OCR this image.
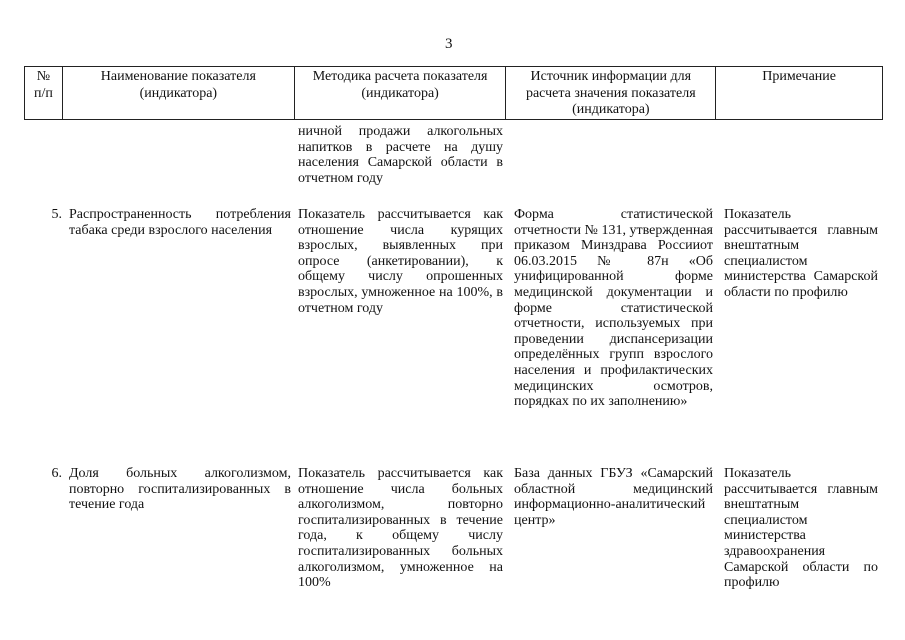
3
№
п/п
Наименование показателя
(индикатора)
Методика расчета показателя
(индикатора)
Источник информации для
расчета значения показателя
(индикатора)
Примечание
ничной продажи алкогольных напитков в расчете на душу населения Самарской области в отчетном году
5. Распространенность потребления табака среди взрослого населения
Показатель рассчитывается как отношение числа курящих взрослых, выявленных при опросе (анкетировании), к общему числу опрошенных взрослых, умноженное на 100%, в отчетном году
Форма статистической отчетности № 131, утвержденная приказом Минздрава Россииот 06.03.2015 № 87н «Об унифицированной форме медицинской документации и форме статистической отчетности, используемых при проведении диспансеризации определённых групп взрослого населения и профилактических медицинских осмотров, порядках по их заполнению»
Показатель рассчитывается главным внештатным специалистом министерства Самарской области по профилю
6. Доля больных алкоголизмом, повторно госпитализированных в течение года
Показатель рассчитывается как отношение числа больных алкоголизмом, повторно госпитализированных в течение года, к общему числу госпитализированных больных алкоголизмом, умноженное на 100%
База данных ГБУЗ «Самарский областной медицинский информационно-аналитический центр»
Показатель рассчитывается главным внештатным специалистом министерства здравоохранения Самарской области по профилю
